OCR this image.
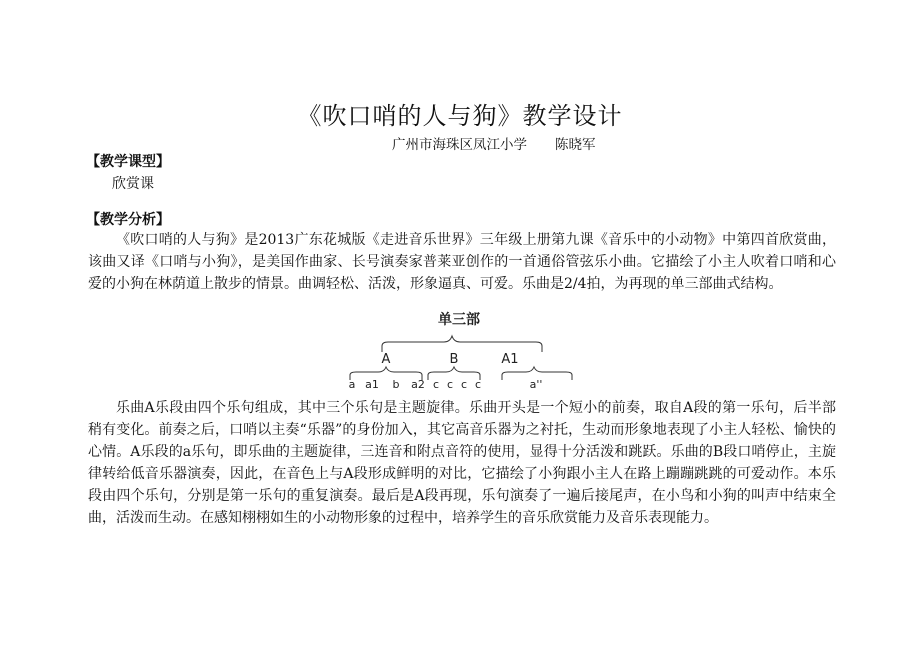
《吹口哨的人与狗》教学设计
广州市海珠区凤江小学 陈晓军
【教学课型】
欣赏课
【教学分析】
《吹口哨的人与狗》是2013广东花城版《走进音乐世界》三年级上册第九课《音乐中的小动物》中第四首欣赏曲，该曲又译《口哨与小狗》，是美国作曲家、长号演奏家普莱亚创作的一首通俗管弦乐小曲。它描绘了小主人吹着口哨和心爱的小狗在林荫道上散步的情景。曲调轻松、活泼，形象逼真、可爱。乐曲是2/4拍，为再现的单三部曲式结构。
单三部
A	B	A1
a a1 b a2 c c c c	a''
乐曲A乐段由四个乐句组成，其中三个乐句是主题旋律。乐曲开头是一个短小的前奏，取自A段的第一乐句，后半部稍有变化。前奏之后，口哨以主奏“乐器”的身份加入，其它高音乐器为之衬托，生动而形象地表现了小主人轻松、愉快的心情。A乐段的a乐句，即乐曲的主题旋律，三连音和附点音符的使用，显得十分活泼和跳跃。乐曲的B段口哨停止，主旋律转给低音乐器演奏，因此，在音色上与A段形成鲜明的对比，它描绘了小狗跟小主人在路上蹦蹦跳跳的可爱动作。本乐段由四个乐句，分别是第一乐句的重复演奏。最后是A段再现，乐句演奏了一遍后接尾声，在小鸟和小狗的叫声中结束全曲，活泼而生动。在感知栩栩如生的小动物形象的过程中，培养学生的音乐欣赏能力及音乐表现能力。
